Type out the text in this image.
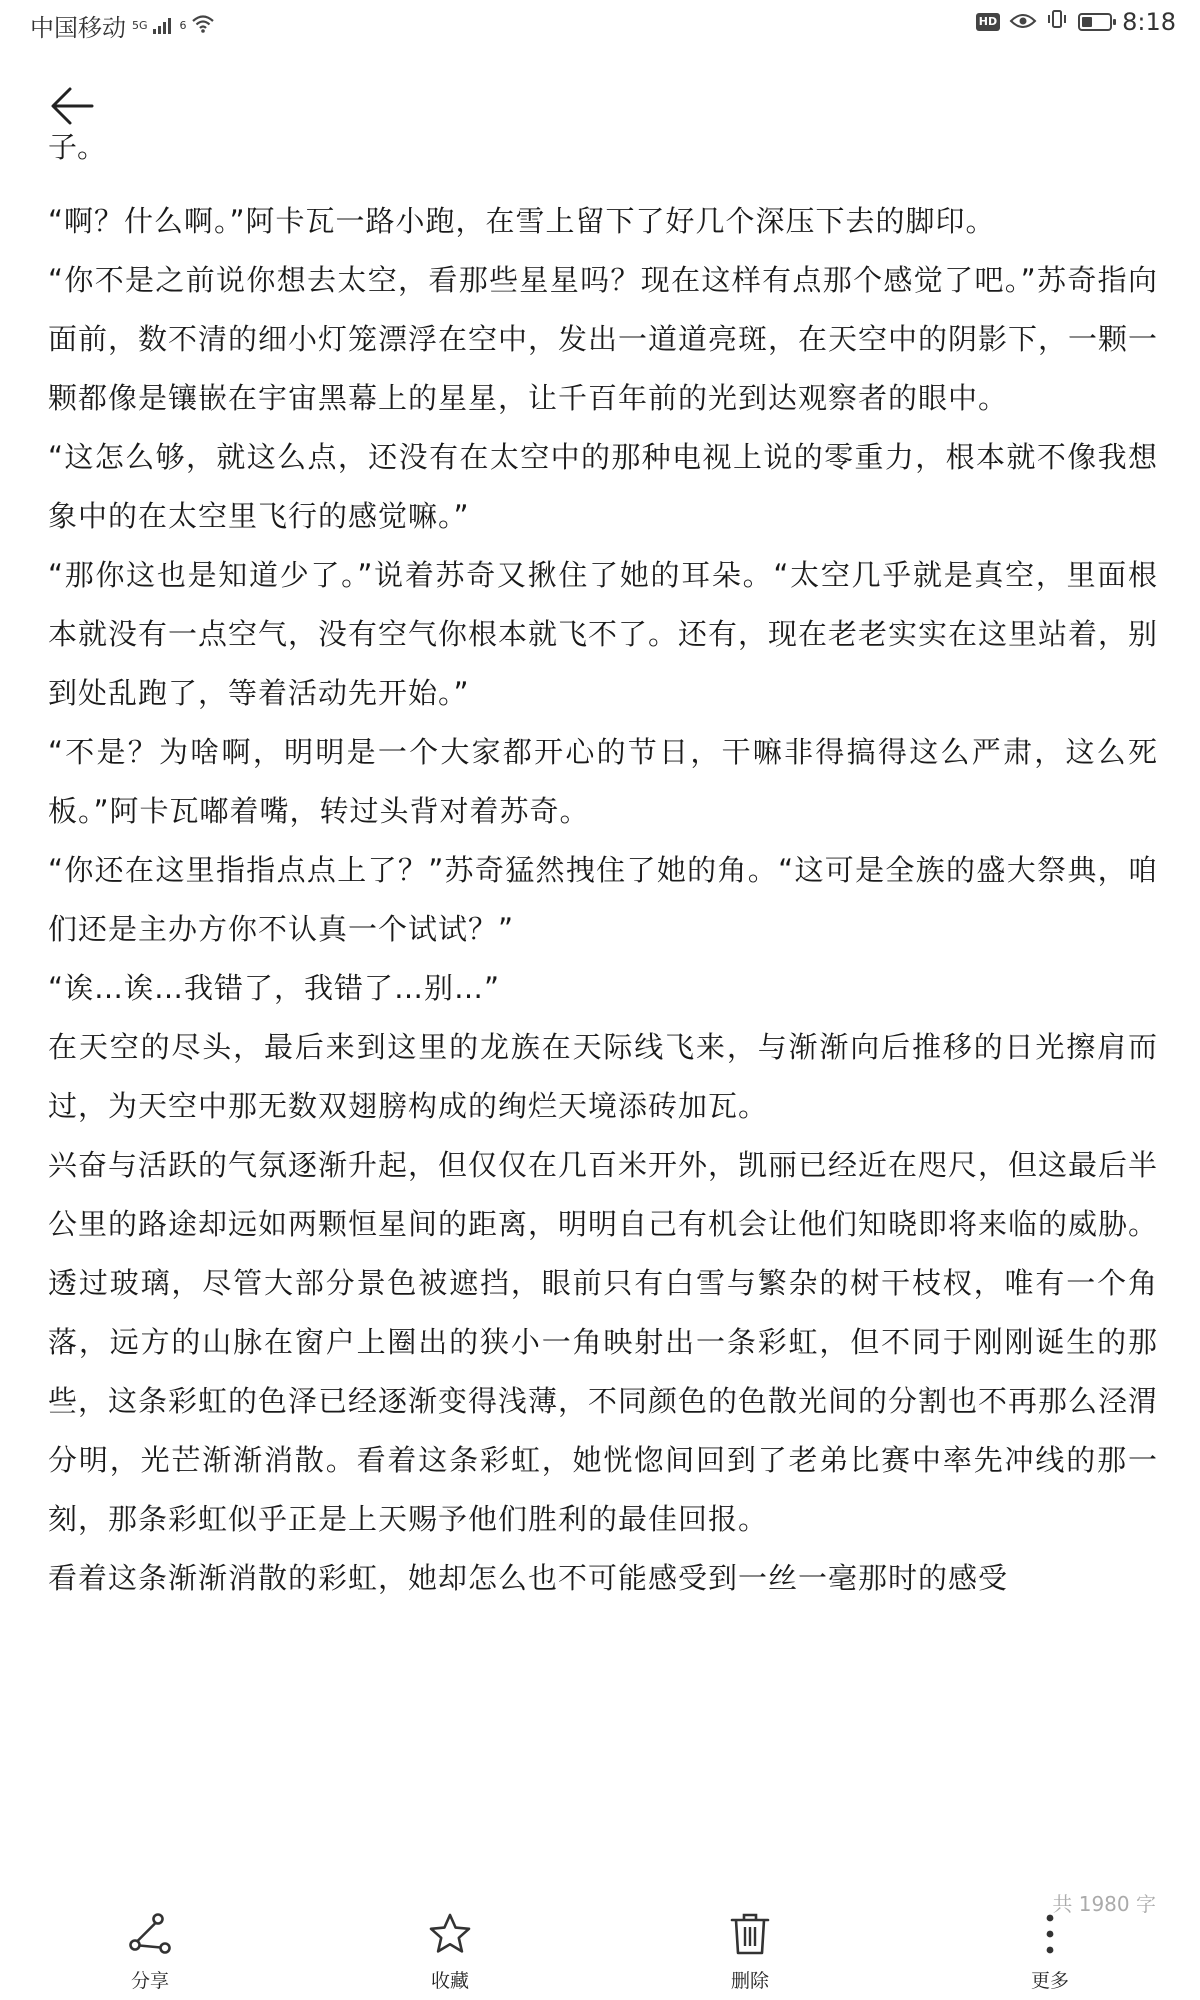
中国移动 5G	6	HD	8:18

子。

“啊？什么啊。”阿卡瓦一路小跑，在雪上留下了好几个深压下去的脚印。

“你不是之前说你想去太空，看那些星星吗？现在这样有点那个感觉了吧。”苏奇指向面前，数不清的细小灯笼漂浮在空中，发出一道道亮斑，在天空中的阴影下，一颗一颗都像是镶嵌在宇宙黑幕上的星星，让千百年前的光到达观察者的眼中。

“这怎么够，就这么点，还没有在太空中的那种电视上说的零重力，根本就不像我想象中的在太空里飞行的感觉嘛。”

“那你这也是知道少了。”说着苏奇又揪住了她的耳朵。“太空几乎就是真空，里面根本就没有一点空气，没有空气你根本就飞不了。还有，现在老老实实在这里站着，别到处乱跑了，等着活动先开始。”

“不是？为啥啊，明明是一个大家都开心的节日，干嘛非得搞得这么严肃，这么死板。”阿卡瓦嘟着嘴，转过头背对着苏奇。

“你还在这里指指点点上了？”苏奇猛然拽住了她的角。“这可是全族的盛大祭典，咱们还是主办方你不认真一个试试？”

“诶…诶…我错了，我错了…别…”

在天空的尽头，最后来到这里的龙族在天际线飞来，与渐渐向后推移的日光擦肩而过，为天空中那无数双翅膀构成的绚烂天境添砖加瓦。

兴奋与活跃的气氛逐渐升起，但仅仅在几百米开外，凯丽已经近在咫尺，但这最后半公里的路途却远如两颗恒星间的距离，明明自己有机会让他们知晓即将来临的威胁。

透过玻璃，尽管大部分景色被遮挡，眼前只有白雪与繁杂的树干枝杈，唯有一个角落，远方的山脉在窗户上圈出的狭小一角映射出一条彩虹，但不同于刚刚诞生的那些，这条彩虹的色泽已经逐渐变得浅薄，不同颜色的色散光间的分割也不再那么泾渭分明，光芒渐渐消散。看着这条彩虹，她恍惚间回到了老弟比赛中率先冲线的那一刻，那条彩虹似乎正是上天赐予他们胜利的最佳回报。

看着这条渐渐消散的彩虹，她却怎么也不可能感受到一丝一毫那时的感受

共 1980 字
分享	收藏	删除	更多
